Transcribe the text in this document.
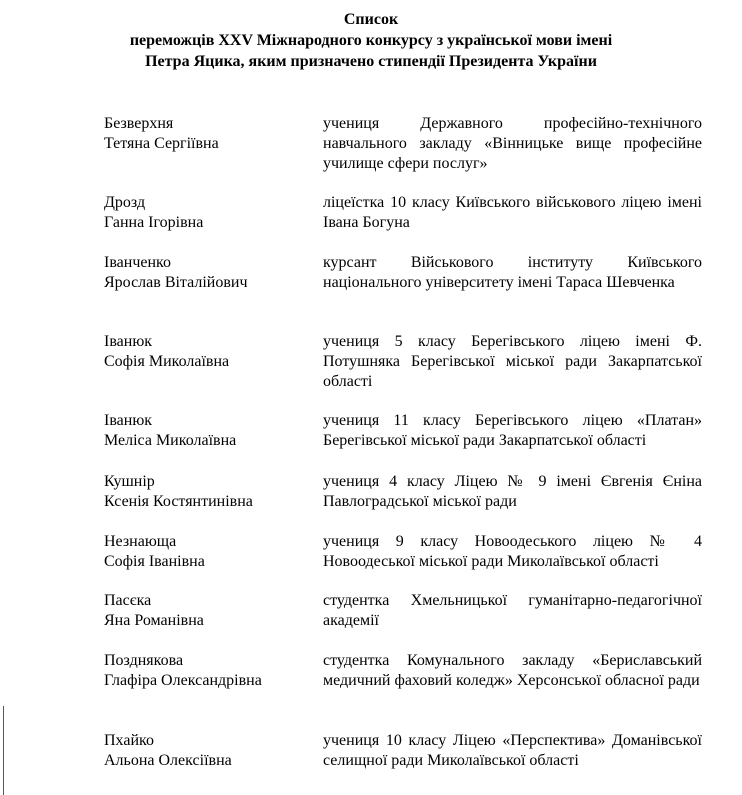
Список
переможців XXV Міжнародного конкурсу з української мови імені
Петра Яцика, яким призначено стипендії Президента України
Безверхня
Тетяна Сергіївна
учениця Державного професійно-технічного навчального закладу «Вінницьке вище професійне училище сфери послуг»
Дрозд
Ганна Ігорівна
ліцеїстка 10 класу Київського військового ліцею імені Івана Богуна
Іванченко
Ярослав Віталійович
курсант Військового інституту Київського національного університету імені Тараса Шевченка
Іванюк
Софія Миколаївна
учениця 5 класу Берегівського ліцею імені Ф. Потушняка Берегівської міської ради Закарпатської області
Іванюк
Меліса Миколаївна
учениця 11 класу Берегівського ліцею «Платан» Берегівської міської ради Закарпатської області
Кушнір
Ксенія Костянтинівна
учениця 4 класу Ліцею № 9 імені Євгенія Єніна Павлоградської міської ради
Незнающа
Софія Іванівна
учениця 9 класу Новоодеського ліцею № 4 Новоодеської міської ради Миколаївської області
Пасєка
Яна Романівна
студентка Хмельницької гуманітарно-педагогічної академії
Позднякова
Глафіра Олександрівна
студентка Комунального закладу «Бериславський медичний фаховий коледж» Херсонської обласної ради
Пхайко
Альона Олексіївна
учениця 10 класу Ліцею «Перспектива» Доманівської селищної ради Миколаївської області
